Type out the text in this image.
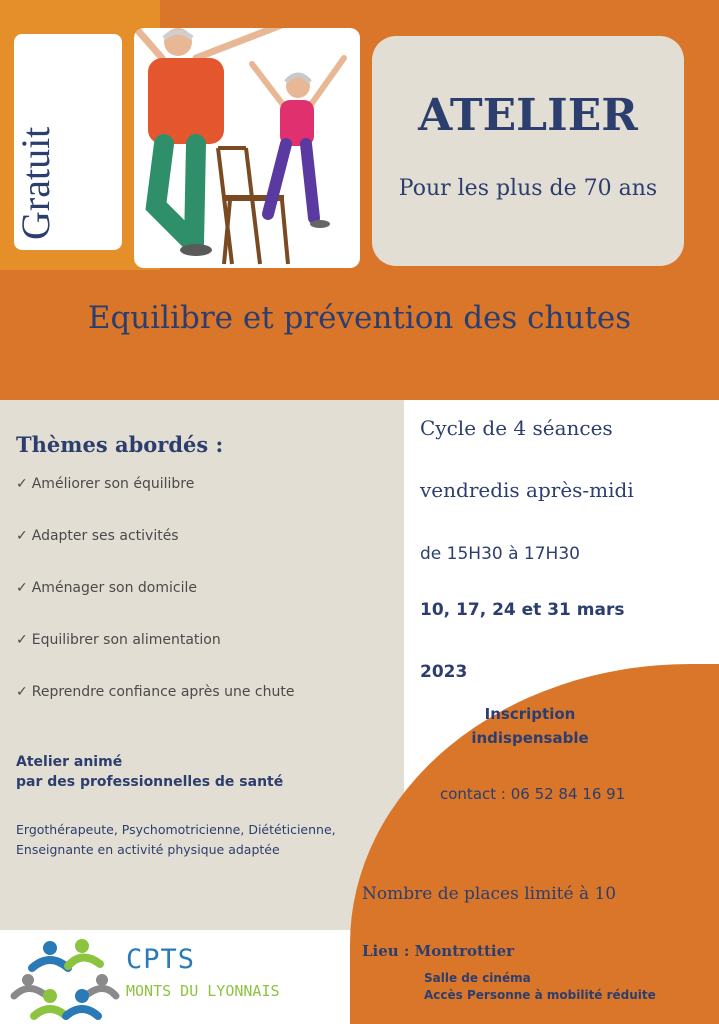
Gratuit
ATELIER
Pour les plus de 70 ans
Equilibre et prévention des chutes
Thèmes abordés :
✓ Améliorer son équilibre
✓ Adapter ses activités
✓ Aménager son domicile
✓ Equilibrer son alimentation
✓ Reprendre confiance après une chute
Atelier animé
par des professionnelles de santé
Ergothérapeute, Psychomotricienne, Diététicienne, Enseignante en activité physique adaptée
Cycle de 4 séances
vendredis après-midi
de 15H30 à 17H30
10, 17, 24 et 31 mars
2023
Inscription
indispensable
contact : 06 52 84 16 91
Nombre de places limité à 10
Lieu : Montrottier
Salle de cinéma
Accès Personne à mobilité réduite
CPTS
MONTS DU LYONNAIS
